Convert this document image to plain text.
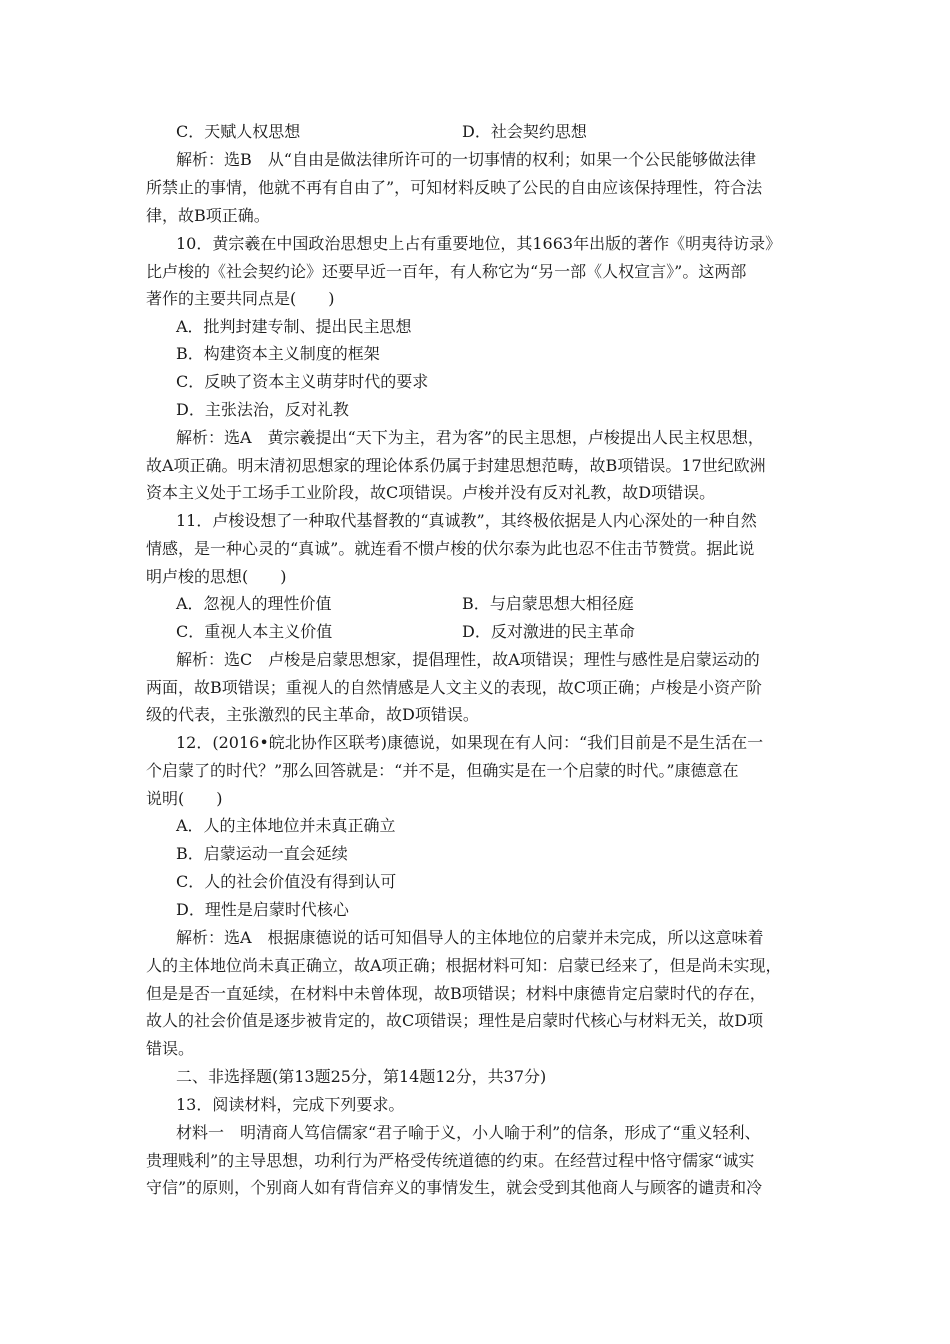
C．天赋人权思想	D．社会契约思想
解析：选B　从“自由是做法律所许可的一切事情的权利；如果一个公民能够做法律
所禁止的事情，他就不再有自由了”，可知材料反映了公民的自由应该保持理性，符合法
律，故B项正确。
10．黄宗羲在中国政治思想史上占有重要地位，其1663年出版的著作《明夷待访录》
比卢梭的《社会契约论》还要早近一百年，有人称它为“另一部《人权宣言》”。这两部
著作的主要共同点是(　　)
A．批判封建专制、提出民主思想
B．构建资本主义制度的框架
C．反映了资本主义萌芽时代的要求
D．主张法治，反对礼教
解析：选A　黄宗羲提出“天下为主，君为客”的民主思想，卢梭提出人民主权思想，
故A项正确。明末清初思想家的理论体系仍属于封建思想范畴，故B项错误。17世纪欧洲
资本主义处于工场手工业阶段，故C项错误。卢梭并没有反对礼教，故D项错误。
11．卢梭设想了一种取代基督教的“真诚教”，其终极依据是人内心深处的一种自然
情感，是一种心灵的“真诚”。就连看不惯卢梭的伏尔泰为此也忍不住击节赞赏。据此说
明卢梭的思想(　　)
A．忽视人的理性价值	B．与启蒙思想大相径庭
C．重视人本主义价值	D．反对激进的民主革命
解析：选C　卢梭是启蒙思想家，提倡理性，故A项错误；理性与感性是启蒙运动的
两面，故B项错误；重视人的自然情感是人文主义的表现，故C项正确；卢梭是小资产阶
级的代表，主张激烈的民主革命，故D项错误。
12．(2016•皖北协作区联考)康德说，如果现在有人问：“我们目前是不是生活在一
个启蒙了的时代？”那么回答就是：“并不是，但确实是在一个启蒙的时代。”康德意在
说明(　　)
A．人的主体地位并未真正确立
B．启蒙运动一直会延续
C．人的社会价值没有得到认可
D．理性是启蒙时代核心
解析：选A　根据康德说的话可知倡导人的主体地位的启蒙并未完成，所以这意味着
人的主体地位尚未真正确立，故A项正确；根据材料可知：启蒙已经来了，但是尚未实现，
但是是否一直延续，在材料中未曾体现，故B项错误；材料中康德肯定启蒙时代的存在，
故人的社会价值是逐步被肯定的，故C项错误；理性是启蒙时代核心与材料无关，故D项
错误。
二、非选择题(第13题25分，第14题12分，共37分)
13．阅读材料，完成下列要求。
材料一　明清商人笃信儒家“君子喻于义，小人喻于利”的信条，形成了“重义轻利、
贵理贱利”的主导思想，功利行为严格受传统道德的约束。在经营过程中恪守儒家“诚实
守信”的原则，个别商人如有背信弃义的事情发生，就会受到其他商人与顾客的谴责和冷
